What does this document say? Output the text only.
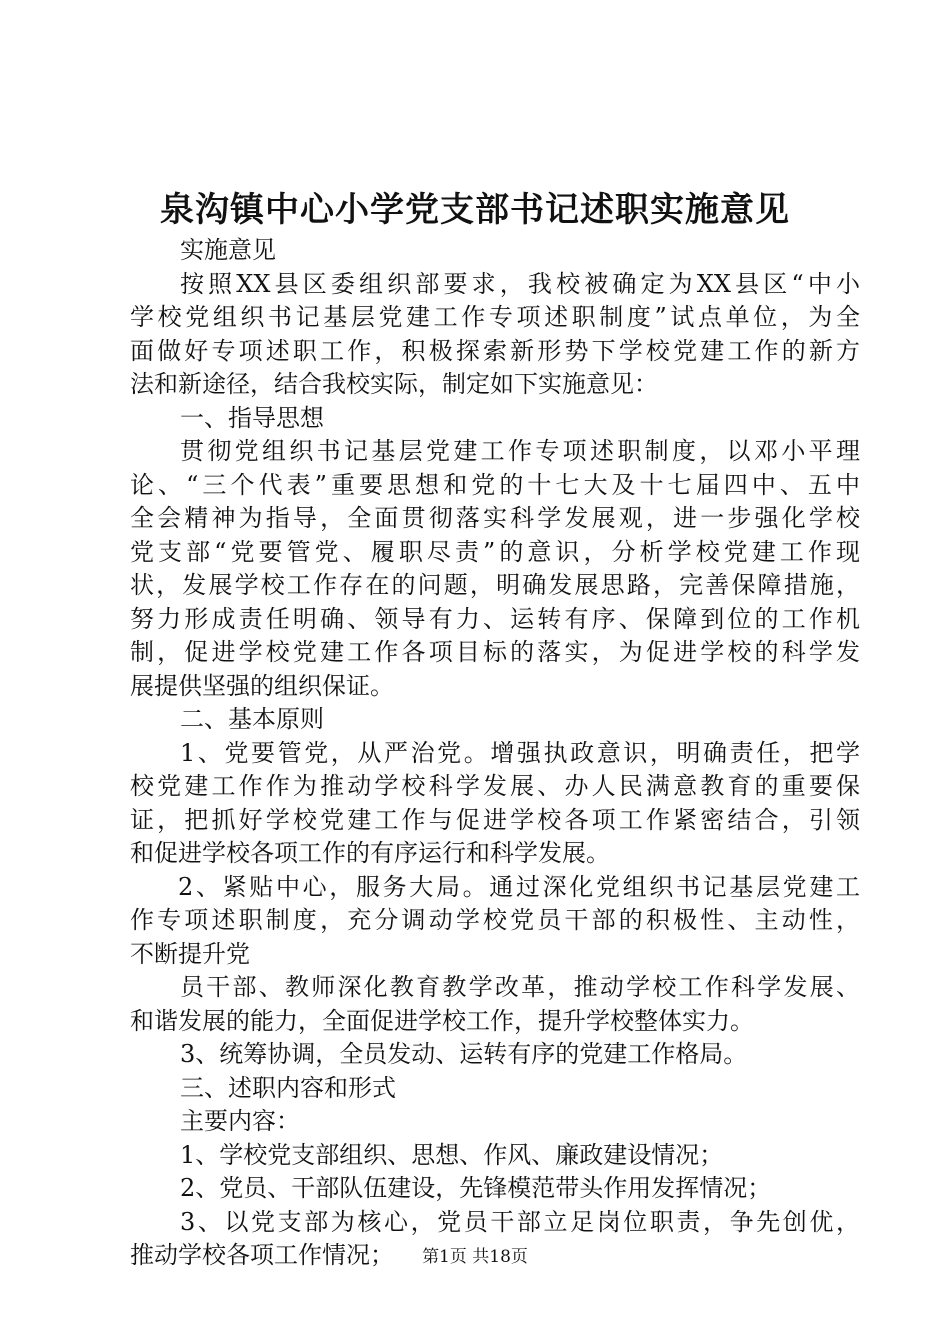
泉沟镇中心小学党支部书记述职实施意见
实施意见
按照XX县区委组织部要求，我校被确定为XX县区“中小
学校党组织书记基层党建工作专项述职制度”试点单位，为全
面做好专项述职工作，积极探索新形势下学校党建工作的新方
法和新途径，结合我校实际，制定如下实施意见：
一、指导思想
贯彻党组织书记基层党建工作专项述职制度，以邓小平理
论、“三个代表”重要思想和党的十七大及十七届四中、五中
全会精神为指导，全面贯彻落实科学发展观，进一步强化学校
党支部“党要管党、履职尽责”的意识，分析学校党建工作现
状，发展学校工作存在的问题，明确发展思路，完善保障措施，
努力形成责任明确、领导有力、运转有序、保障到位的工作机
制，促进学校党建工作各项目标的落实，为促进学校的科学发
展提供坚强的组织保证。
二、基本原则
1、党要管党，从严治党。增强执政意识，明确责任，把学
校党建工作作为推动学校科学发展、办人民满意教育的重要保
证，把抓好学校党建工作与促进学校各项工作紧密结合，引领
和促进学校各项工作的有序运行和科学发展。
2、紧贴中心，服务大局。通过深化党组织书记基层党建工
作专项述职制度，充分调动学校党员干部的积极性、主动性，
不断提升党
员干部、教师深化教育教学改革，推动学校工作科学发展、
和谐发展的能力，全面促进学校工作，提升学校整体实力。
3、统筹协调，全员发动、运转有序的党建工作格局。
三、述职内容和形式
主要内容：
1、学校党支部组织、思想、作风、廉政建设情况；
2、党员、干部队伍建设，先锋模范带头作用发挥情况；
3、以党支部为核心，党员干部立足岗位职责，争先创优，
推动学校各项工作情况；	第1页 共18页
